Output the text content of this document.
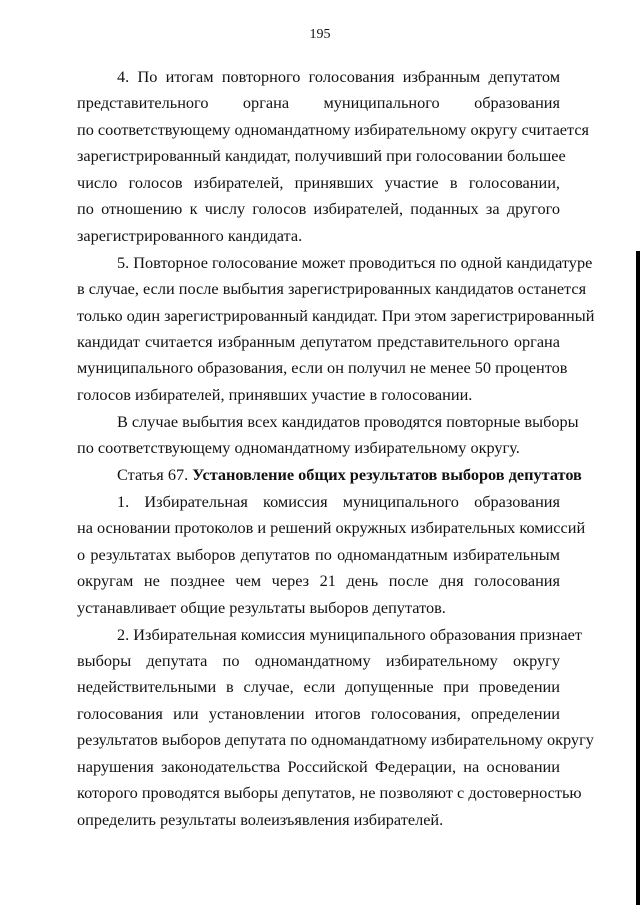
195
4. По итогам повторного голосования избранным депутатом
представительного органа муниципального образования
по соответствующему одномандатному избирательному округу считается
зарегистрированный кандидат, получивший при голосовании большее
число голосов избирателей, принявших участие в голосовании,
по отношению к числу голосов избирателей, поданных за другого
зарегистрированного кандидата.
5. Повторное голосование может проводиться по одной кандидатуре
в случае, если после выбытия зарегистрированных кандидатов останется
только один зарегистрированный кандидат. При этом зарегистрированный
кандидат считается избранным депутатом представительного органа
муниципального образования, если он получил не менее 50 процентов
голосов избирателей, принявших участие в голосовании.
В случае выбытия всех кандидатов проводятся повторные выборы
по соответствующему одномандатному избирательному округу.
Статья 67. Установление общих результатов выборов депутатов
1. Избирательная комиссия муниципального образования
на основании протоколов и решений окружных избирательных комиссий
о результатах выборов депутатов по одномандатным избирательным
округам не позднее чем через 21 день после дня голосования
устанавливает общие результаты выборов депутатов.
2. Избирательная комиссия муниципального образования признает
выборы депутата по одномандатному избирательному округу
недействительными в случае, если допущенные при проведении
голосования или установлении итогов голосования, определении
результатов выборов депутата по одномандатному избирательному округу
нарушения законодательства Российской Федерации, на основании
которого проводятся выборы депутатов, не позволяют с достоверностью
определить результаты волеизъявления избирателей.
